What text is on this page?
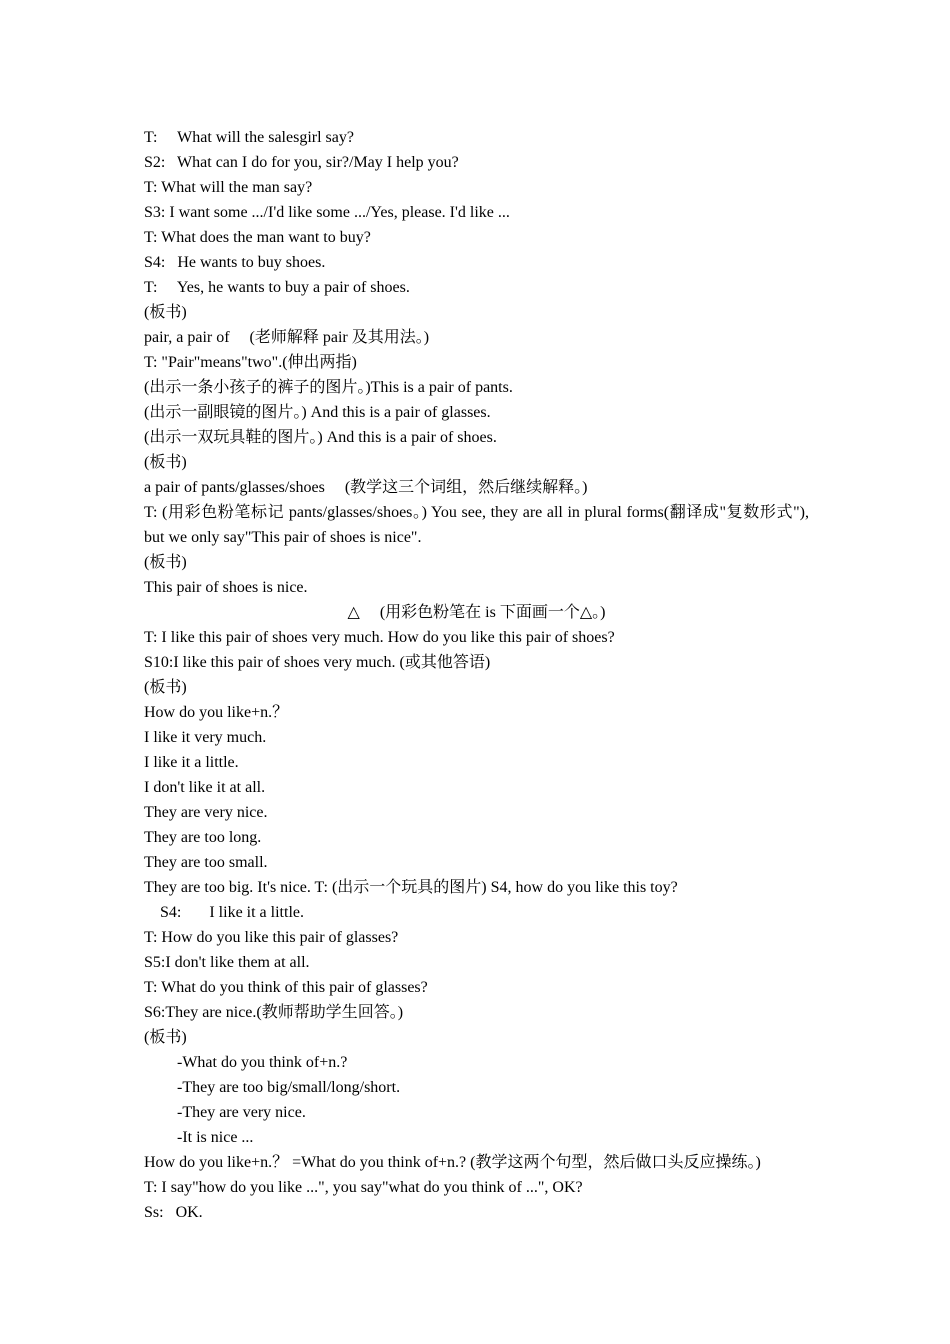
T:     What will the salesgirl say?
S2:   What can I do for you, sir?/May I help you?
T: What will the man say?
S3: I want some .../I'd like some .../Yes, please. I'd like ...
T: What does the man want to buy?
S4:   He wants to buy shoes.
T:     Yes, he wants to buy a pair of shoes.
(板书)
pair, a pair of     (老师解释 pair 及其用法。)
T: "Pair"means"two".(伸出两指)
(出示一条小孩子的裤子的图片。)This is a pair of pants.
(出示一副眼镜的图片。) And this is a pair of glasses.
(出示一双玩具鞋的图片。) And this is a pair of shoes.
(板书)
a pair of pants/glasses/shoes     (教学这三个词组，然后继续解释。)
T: (用彩色粉笔标记 pants/glasses/shoes。) You see, they are all in plural forms(翻译成"复数形式"), but we only say"This pair of shoes is nice".
(板书)
This pair of shoes is nice.
△     (用彩色粉笔在 is 下面画一个△。)
T: I like this pair of shoes very much. How do you like this pair of shoes?
S10:I like this pair of shoes very much. (或其他答语)
(板书)
How do you like+n.？
I like it very much.
I like it a little.
I don't like it at all.
They are very nice.
They are too long.
They are too small.
They are too big. It's nice. T: (出示一个玩具的图片) S4, how do you like this toy?
S4:       I like it a little.
T: How do you like this pair of glasses?
S5:I don't like them at all.
T: What do you think of this pair of glasses?
S6:They are nice.(教师帮助学生回答。)
(板书)
-What do you think of+n.?
-They are too big/small/long/short.
-They are very nice.
-It is nice ...
How do you like+n.？ =What do you think of+n.? (教学这两个句型，然后做口头反应操练。)
T: I say"how do you like ...", you say"what do you think of ...", OK?
Ss:   OK.
